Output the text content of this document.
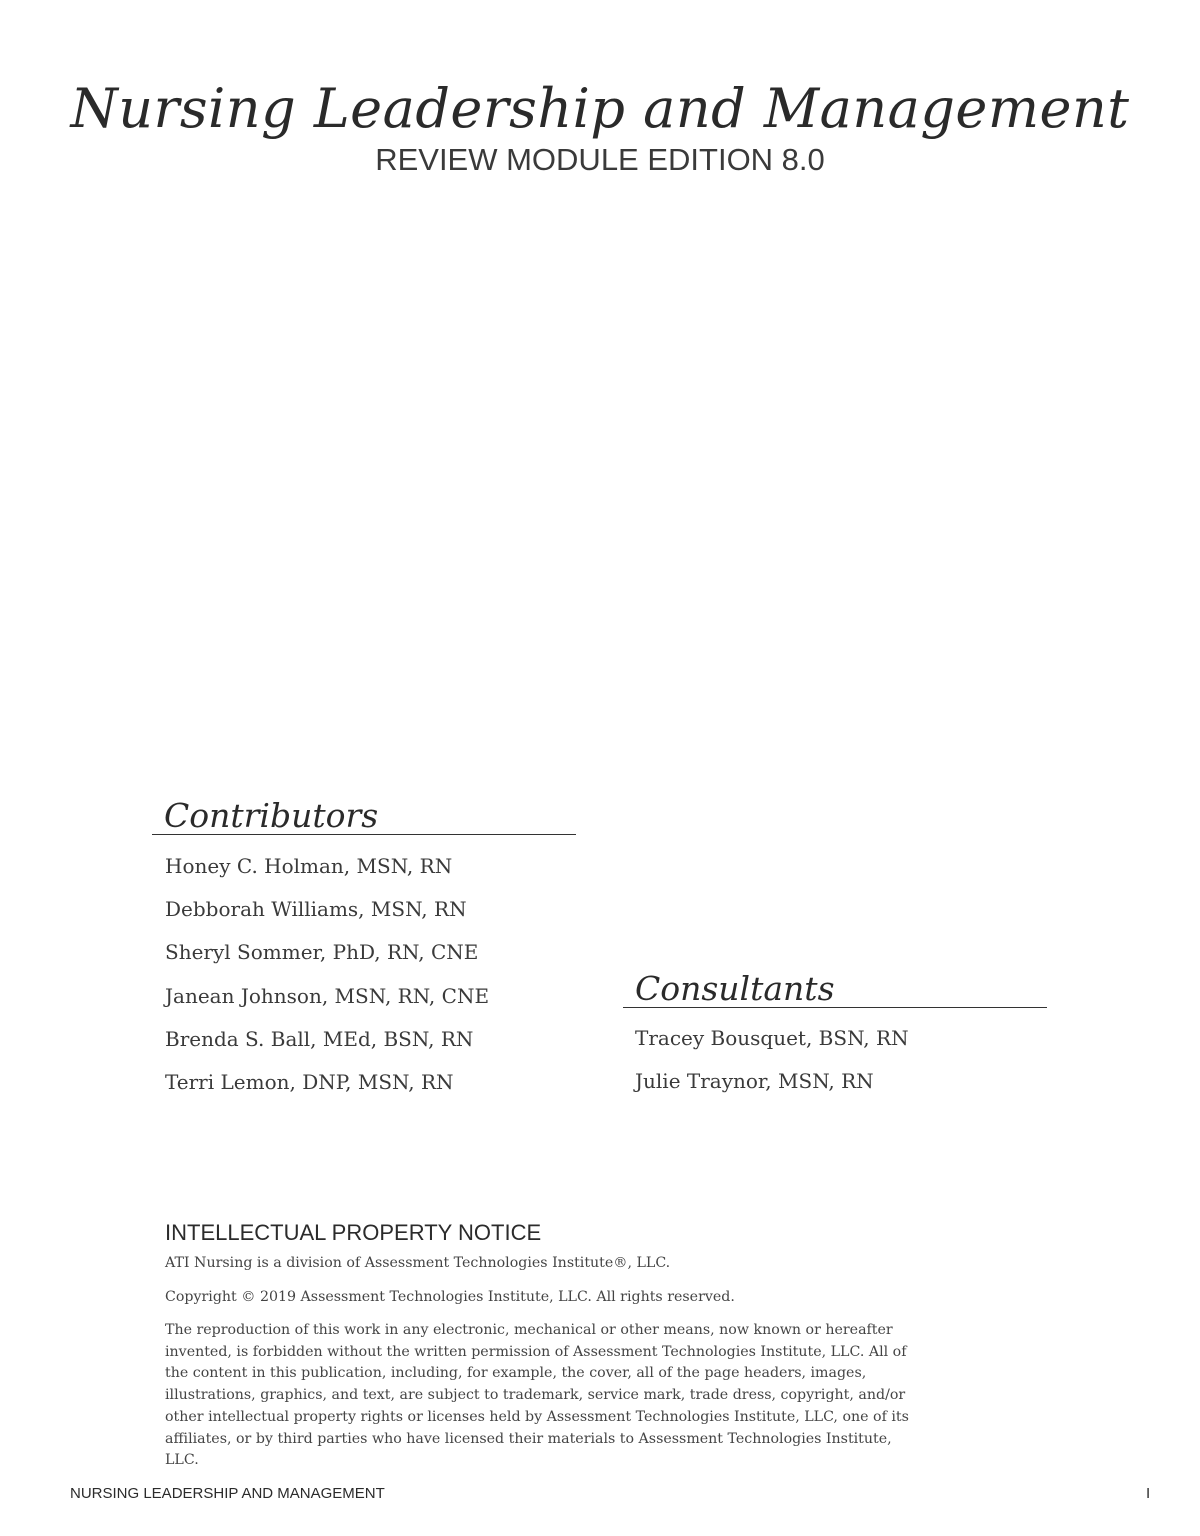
Nursing Leadership and Management
REVIEW MODULE EDITION 8.0
Contributors
Honey C. Holman, MSN, RN
Debborah Williams, MSN, RN
Sheryl Sommer, PhD, RN, CNE
Janean Johnson, MSN, RN, CNE
Brenda S. Ball, MEd, BSN, RN
Terri Lemon, DNP, MSN, RN
Consultants
Tracey Bousquet, BSN, RN
Julie Traynor, MSN, RN
INTELLECTUAL PROPERTY NOTICE

ATI Nursing is a division of Assessment Technologies Institute®, LLC.

Copyright © 2019 Assessment Technologies Institute, LLC. All rights reserved.

The reproduction of this work in any electronic, mechanical or other means, now known or hereafter invented, is forbidden without the written permission of Assessment Technologies Institute, LLC. All of the content in this publication, including, for example, the cover, all of the page headers, images, illustrations, graphics, and text, are subject to trademark, service mark, trade dress, copyright, and/or other intellectual property rights or licenses held by Assessment Technologies Institute, LLC, one of its affiliates, or by third parties who have licensed their materials to Assessment Technologies Institute, LLC.

NURSING LEADERSHIP AND MANAGEMENT	I
